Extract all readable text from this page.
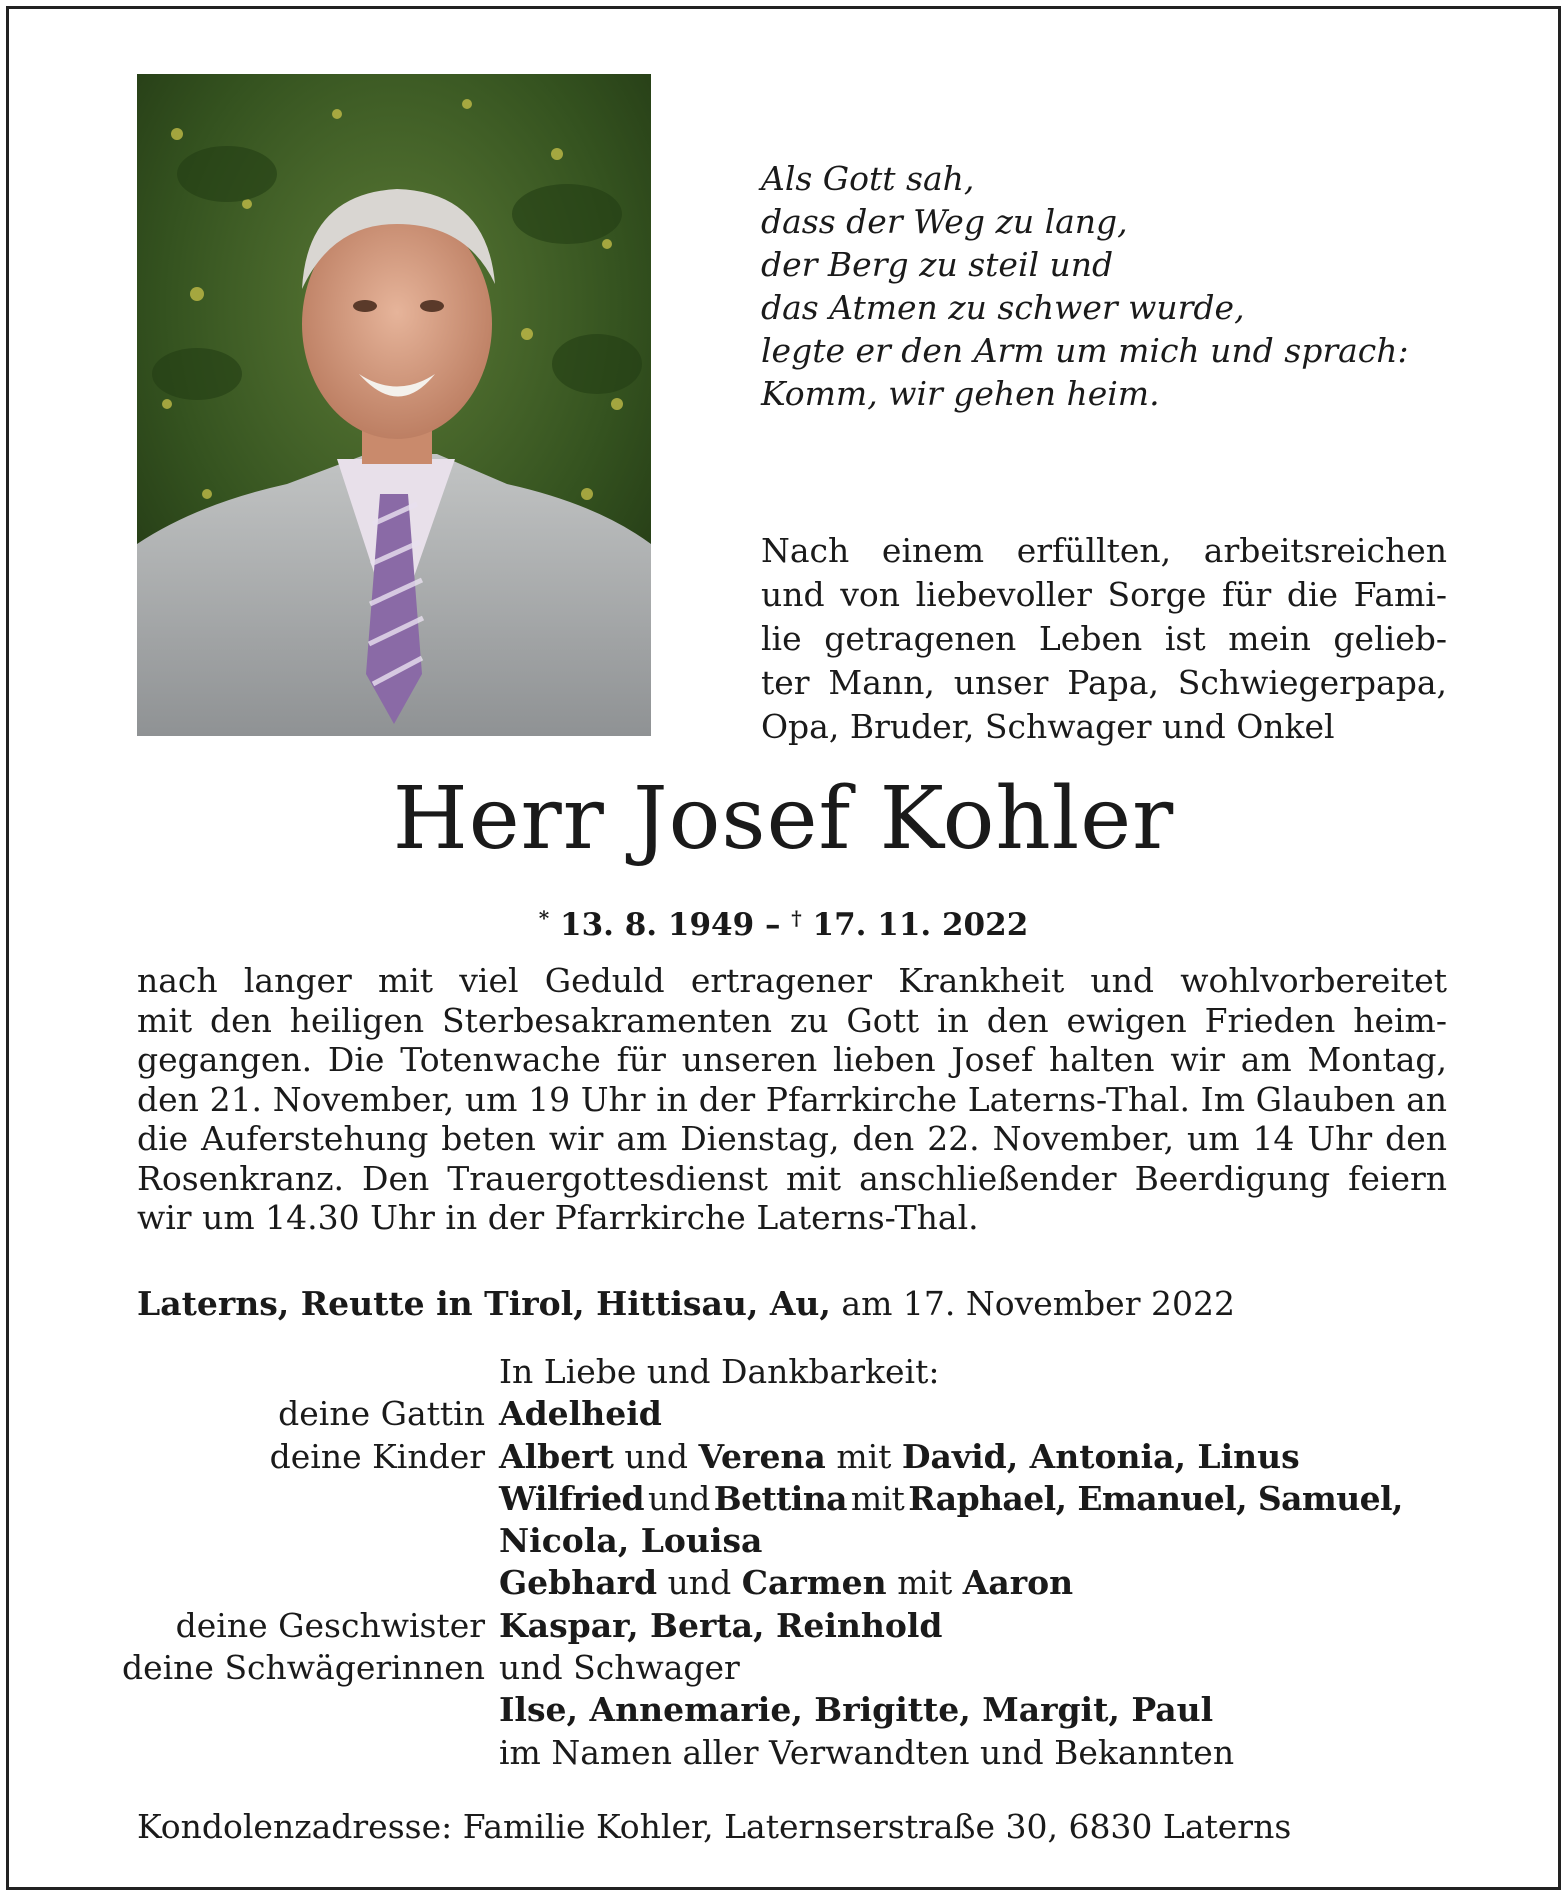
Als Gott sah,
dass der Weg zu lang,
der Berg zu steil und
das Atmen zu schwer wurde,
legte er den Arm um mich und sprach:
Komm, wir gehen heim.
Nach einem erfüllten, arbeitsreichen
und von liebevoller Sorge für die Fami-
lie getragenen Leben ist mein gelieb-
ter Mann, unser Papa, Schwiegerpapa,
Opa, Bruder, Schwager und Onkel
Herr Josef Kohler
* 13. 8. 1949 – † 17. 11. 2022
nach langer mit viel Geduld ertragener Krankheit und wohlvorbereitet
mit den heiligen Sterbesakramenten zu Gott in den ewigen Frieden heim-
gegangen. Die Totenwache für unseren lieben Josef halten wir am Montag,
den 21. November, um 19 Uhr in der Pfarrkirche Laterns-Thal. Im Glauben an
die Auferstehung beten wir am Dienstag, den 22. November, um 14 Uhr den
Rosenkranz. Den Trauergottesdienst mit anschließender Beerdigung feiern
wir um 14.30 Uhr in der Pfarrkirche Laterns-Thal.
Laterns, Reutte in Tirol, Hittisau, Au, am 17. November 2022
In Liebe und Dankbarkeit:
deine Gattin Adelheid
deine Kinder Albert und Verena mit David, Antonia, Linus
Wilfried und Bettina mit Raphael, Emanuel, Samuel,
Nicola, Louisa
Gebhard und Carmen mit Aaron
deine Geschwister Kaspar, Berta, Reinhold
deine Schwägerinnen und Schwager
Ilse, Annemarie, Brigitte, Margit, Paul
im Namen aller Verwandten und Bekannten
Kondolenzadresse: Familie Kohler, Laternserstraße 30, 6830 Laterns
